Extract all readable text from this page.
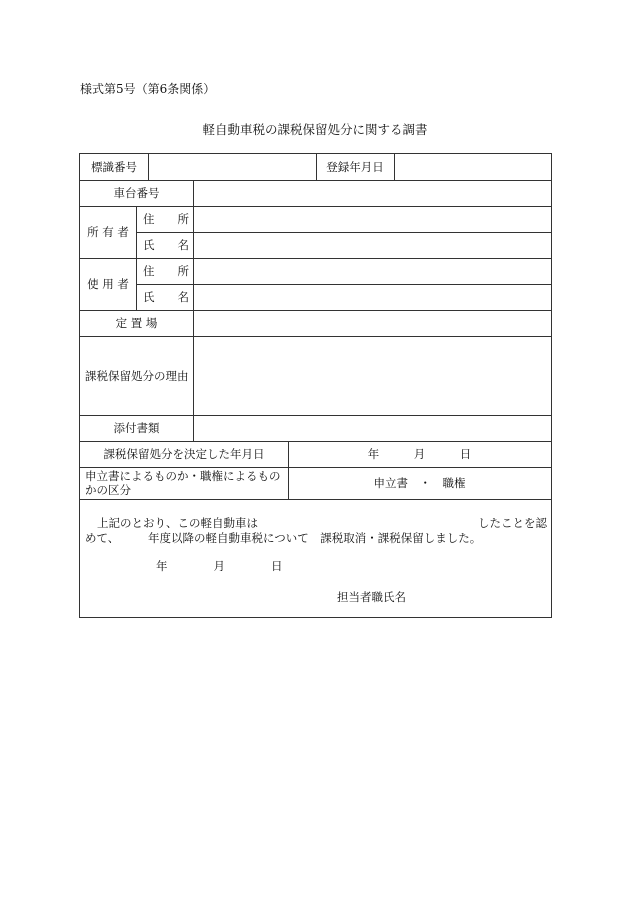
様式第5号（第6条関係）
軽自動車税の課税保留処分に関する調書
標識番号	登録年月日
車台番号
所 有 者
住　　所
氏　　名
使 用 者
住　　所
氏　　名
定 置 場
課税保留処分の理由
添付書類
課税保留処分を決定した年月日	年　　　月　　　日
申立書によるものか・職権によるものかの区分	申立書　・　職権
上記のとおり、この軽自動車は	したことを認
めて、　　　年度以降の軽自動車税について　課税取消・課税保留しました。
年　　　　月　　　　日
担当者職氏名
